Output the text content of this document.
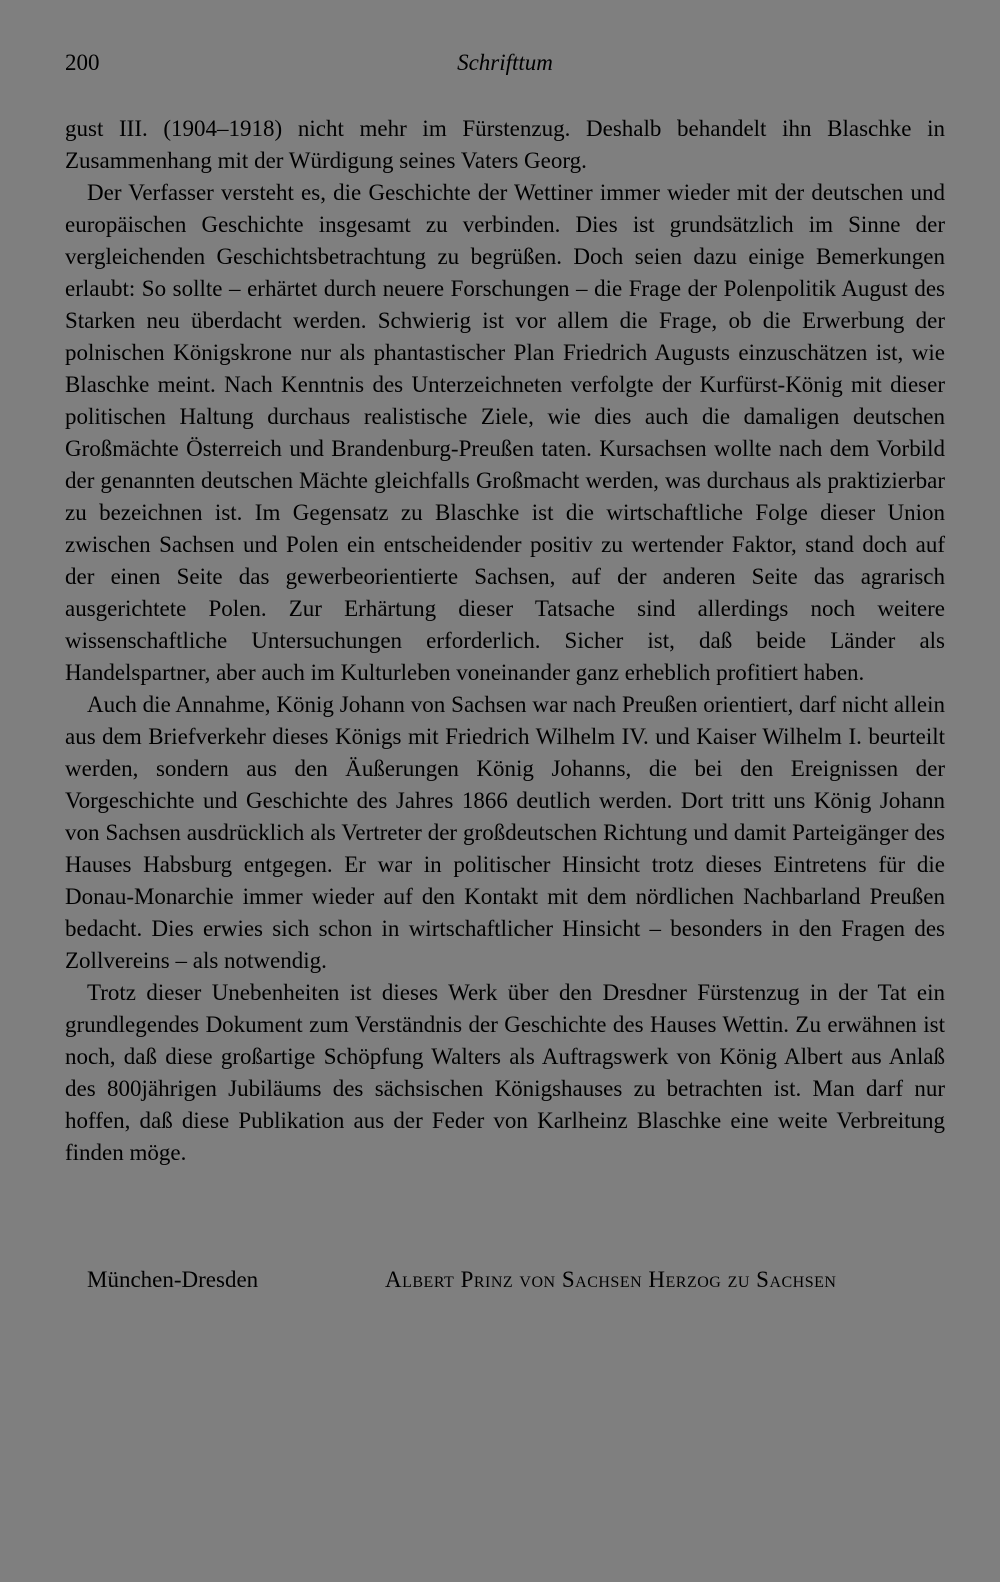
200	Schrifttum

gust III. (1904–1918) nicht mehr im Fürstenzug. Deshalb behandelt ihn Blaschke in Zusammenhang mit der Würdigung seines Vaters Georg.

Der Verfasser versteht es, die Geschichte der Wettiner immer wieder mit der deutschen und europäischen Geschichte insgesamt zu verbinden. Dies ist grundsätzlich im Sinne der vergleichenden Geschichtsbetrachtung zu begrüßen. Doch seien dazu einige Bemerkungen erlaubt: So sollte – erhärtet durch neuere Forschungen – die Frage der Polenpolitik August des Starken neu überdacht werden. Schwierig ist vor allem die Frage, ob die Erwerbung der polnischen Königskrone nur als phantastischer Plan Friedrich Augusts einzuschätzen ist, wie Blaschke meint. Nach Kenntnis des Unterzeichneten verfolgte der Kurfürst-König mit dieser politischen Haltung durchaus realistische Ziele, wie dies auch die damaligen deutschen Großmächte Österreich und Brandenburg-Preußen taten. Kursachsen wollte nach dem Vorbild der genannten deutschen Mächte gleichfalls Großmacht werden, was durchaus als praktizierbar zu bezeichnen ist. Im Gegensatz zu Blaschke ist die wirtschaftliche Folge dieser Union zwischen Sachsen und Polen ein entscheidender positiv zu wertender Faktor, stand doch auf der einen Seite das gewerbeorientierte Sachsen, auf der anderen Seite das agrarisch ausgerichtete Polen. Zur Erhärtung dieser Tatsache sind allerdings noch weitere wissenschaftliche Untersuchungen erforderlich. Sicher ist, daß beide Länder als Handelspartner, aber auch im Kulturleben voneinander ganz erheblich profitiert haben.

Auch die Annahme, König Johann von Sachsen war nach Preußen orientiert, darf nicht allein aus dem Briefverkehr dieses Königs mit Friedrich Wilhelm IV. und Kaiser Wilhelm I. beurteilt werden, sondern aus den Äußerungen König Johanns, die bei den Ereignissen der Vorgeschichte und Geschichte des Jahres 1866 deutlich werden. Dort tritt uns König Johann von Sachsen ausdrücklich als Vertreter der großdeutschen Richtung und damit Parteigänger des Hauses Habsburg entgegen. Er war in politischer Hinsicht trotz dieses Eintretens für die Donau-Monarchie immer wieder auf den Kontakt mit dem nördlichen Nachbarland Preußen bedacht. Dies erwies sich schon in wirtschaftlicher Hinsicht – besonders in den Fragen des Zollvereins – als notwendig.

Trotz dieser Unebenheiten ist dieses Werk über den Dresdner Fürstenzug in der Tat ein grundlegendes Dokument zum Verständnis der Geschichte des Hauses Wettin. Zu erwähnen ist noch, daß diese großartige Schöpfung Walters als Auftragswerk von König Albert aus Anlaß des 800jährigen Jubiläums des sächsischen Königshauses zu betrachten ist. Man darf nur hoffen, daß diese Publikation aus der Feder von Karlheinz Blaschke eine weite Verbreitung finden möge.

München-Dresden	Albert Prinz von Sachsen Herzog zu Sachsen
